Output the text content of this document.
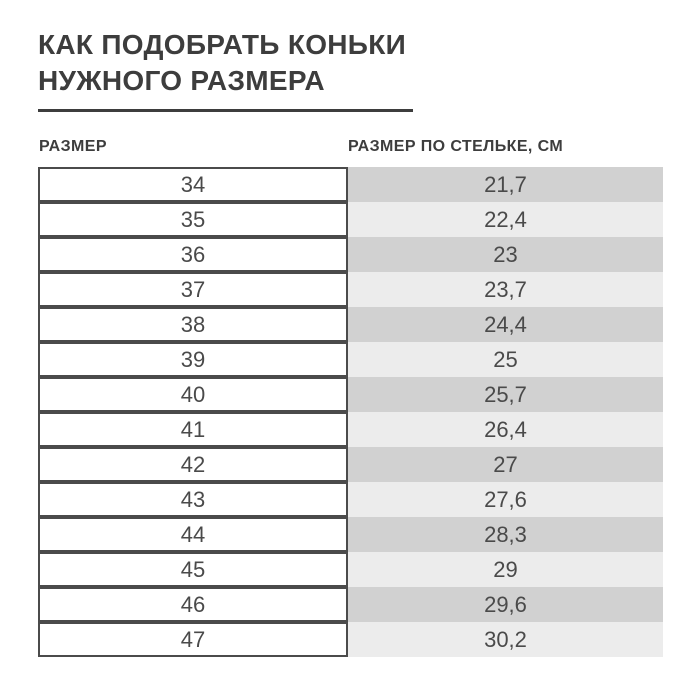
КАК ПОДОБРАТЬ КОНЬКИ
НУЖНОГО РАЗМЕРА
РАЗМЕР	РАЗМЕР ПО СТЕЛЬКЕ, СМ
34	21,7
35	22,4
36	23
37	23,7
38	24,4
39	25
40	25,7
41	26,4
42	27
43	27,6
44	28,3
45	29
46	29,6
47	30,2
